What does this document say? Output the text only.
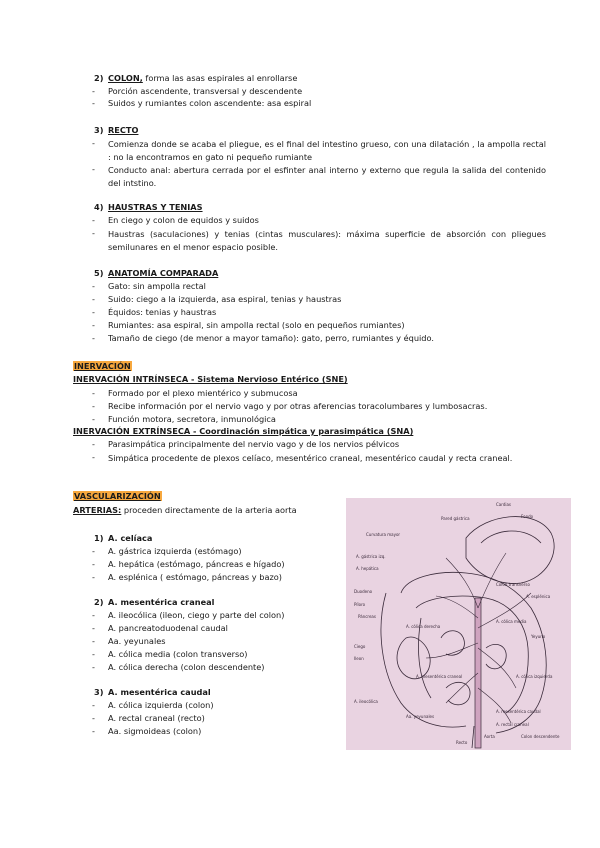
2) COLON, forma las asas espirales al enrollarse
- Porción ascendente, transversal y descendente
- Suidos y rumiantes colon ascendente: asa espiral
3) RECTO
- Comienza donde se acaba el pliegue, es el final del intestino grueso, con una dilatación , la ampolla rectal : no la encontramos en gato ni pequeño rumiante
- Conducto anal: abertura cerrada por el esfinter anal interno y externo que regula la salida del contenido del intstino.
4) HAUSTRAS Y TENIAS
- En ciego y colon de equidos y suidos
- Haustras (saculaciones) y tenias (cintas musculares): máxima superficie de absorción con pliegues semilunares en el menor espacio posible.
5) ANATOMÍA COMPARADA
- Gato: sin ampolla rectal
- Suido: ciego a la izquierda, asa espiral, tenias y haustras
- Équidos: tenias y haustras
- Rumiantes: asa espiral, sin ampolla rectal (solo en pequeños rumiantes)
- Tamaño de ciego (de menor a mayor tamaño): gato, perro, rumiantes y équido.
INERVACIÓN
INERVACIÓN INTRÍNSECA - Sistema Nervioso Entérico (SNE)
- Formado por el plexo mientérico y submucosa
- Recibe información por el nervio vago y por otras aferencias toracolumbares y lumbosacras.
- Función motora, secretora, inmunológica
INERVACIÓN EXTRÍNSECA - Coordinación simpática y parasimpática (SNA)
- Parasimpática principalmente del nervio vago y de los nervios pélvicos
- Simpática procedente de plexos celíaco, mesentérico craneal, mesentérico caudal y recta craneal.
VASCULARIZACIÓN
ARTERIAS: proceden directamente de la arteria aorta
1) A. celíaca
- A. gástrica izquierda (estómago)
- A. hepática (estómago, páncreas e hígado)
- A. esplénica ( estómago, páncreas y bazo)
2) A. mesentérica craneal
- A. ileocólica (ileon, ciego y parte del colon)
- A. pancreatoduodenal caudal
- Aa. yeyunales
- A. cólica media (colon transverso)
- A. cólica derecha (colon descendente)
3) A. mesentérica caudal
- A. cólica izquierda (colon)
- A. rectal craneal (recto)
- Aa. sigmoideas (colon)
Cardias
Pared gástrica	Fondo
Curvatura mayor
A. gástrica izq.
A. hepática
A. esplénica
Duodeno
Píloro
Páncreas
Yeyuno
Colon transverso
Ciego
Ileon
A. mesentérica craneal
A. cólica media
A. cólica derecha
A. cólica izquierda
A. ileocólica
Aa. yeyunales
A. mesentérica caudal
A. rectal craneal
Aorta
Recto
Colon descendente
